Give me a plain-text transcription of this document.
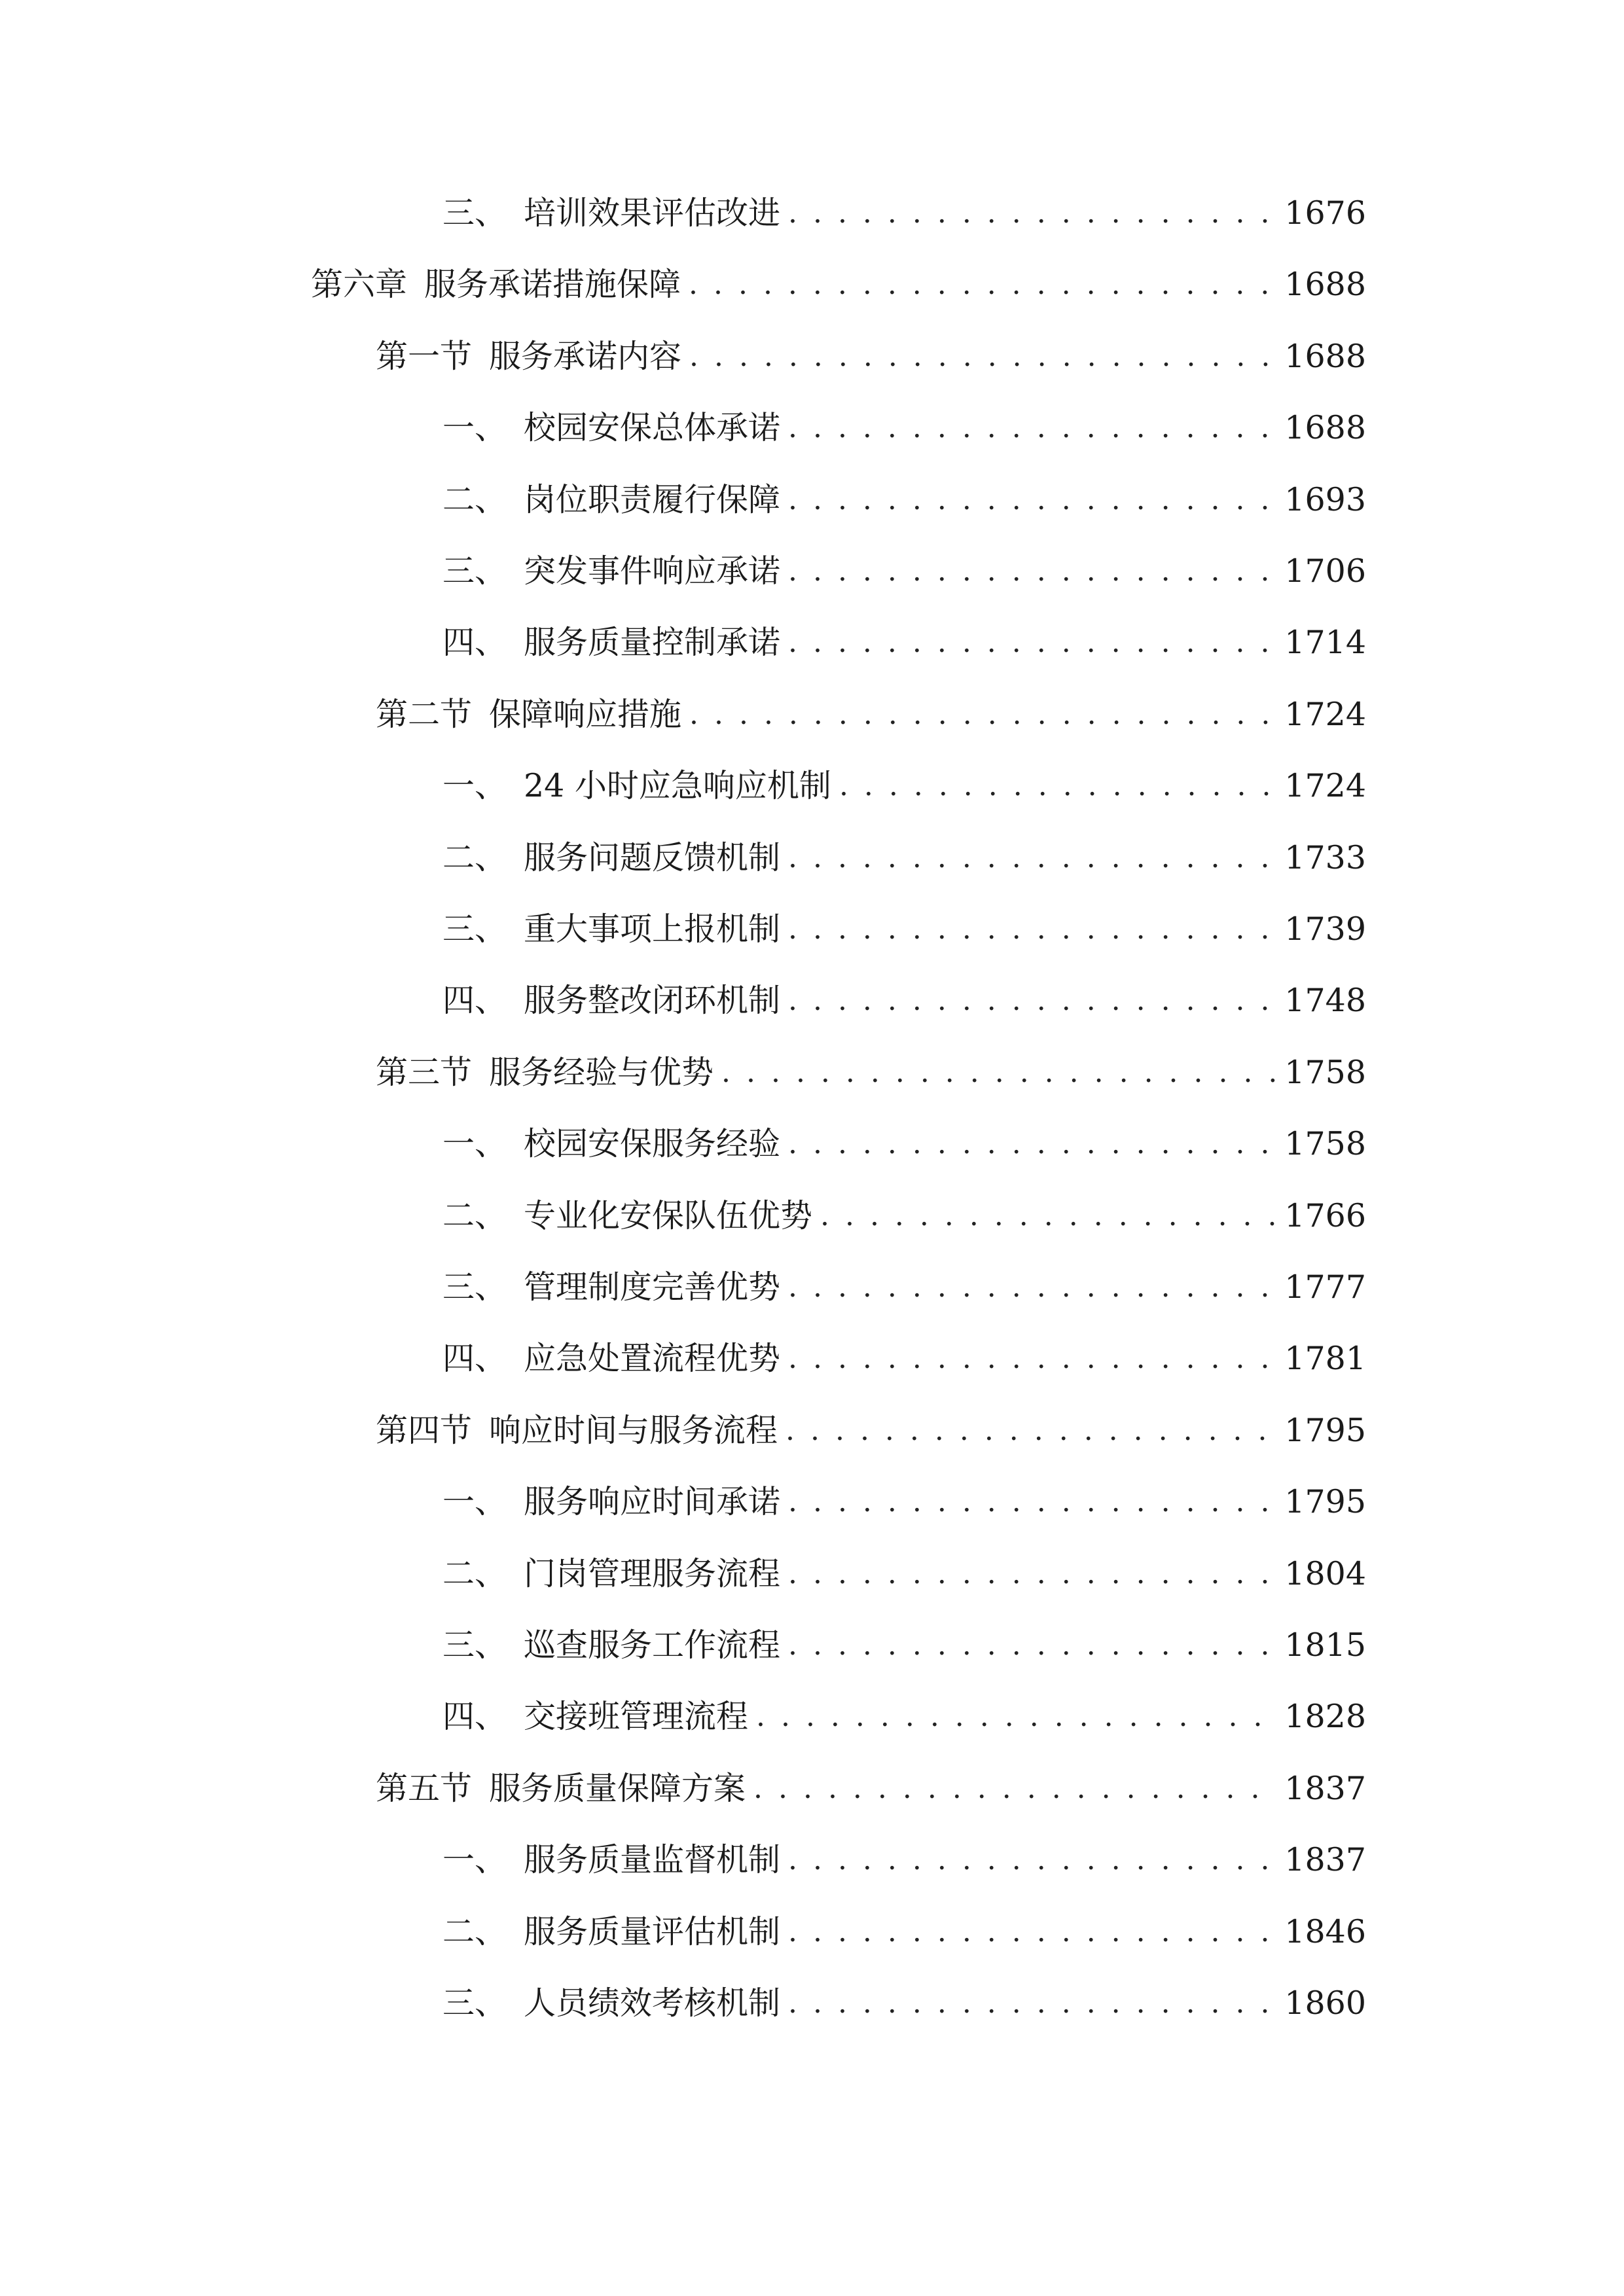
三、 培训效果评估改进 . . .	1676
第六章 服务承诺措施保障 . . .	1688
第一节 服务承诺内容 . . .	1688
一、 校园安保总体承诺 . . .	1688
二、 岗位职责履行保障 . . .	1693
三、 突发事件响应承诺 . . .	1706
四、 服务质量控制承诺 . . .	1714
第二节 保障响应措施 . . .	1724
一、 24 小时应急响应机制 . . .	1724
二、 服务问题反馈机制 . . .	1733
三、 重大事项上报机制 . . .	1739
四、 服务整改闭环机制 . . .	1748
第三节 服务经验与优势 . . .	1758
一、 校园安保服务经验 . . .	1758
二、 专业化安保队伍优势 . . .	1766
三、 管理制度完善优势 . . .	1777
四、 应急处置流程优势 . . .	1781
第四节 响应时间与服务流程 . . .	1795
一、 服务响应时间承诺 . . .	1795
二、 门岗管理服务流程 . . .	1804
三、 巡查服务工作流程 . . .	1815
四、 交接班管理流程 . . .	1828
第五节 服务质量保障方案 . . .	1837
一、 服务质量监督机制 . . .	1837
二、 服务质量评估机制 . . .	1846
三、 人员绩效考核机制 . . .	1860
